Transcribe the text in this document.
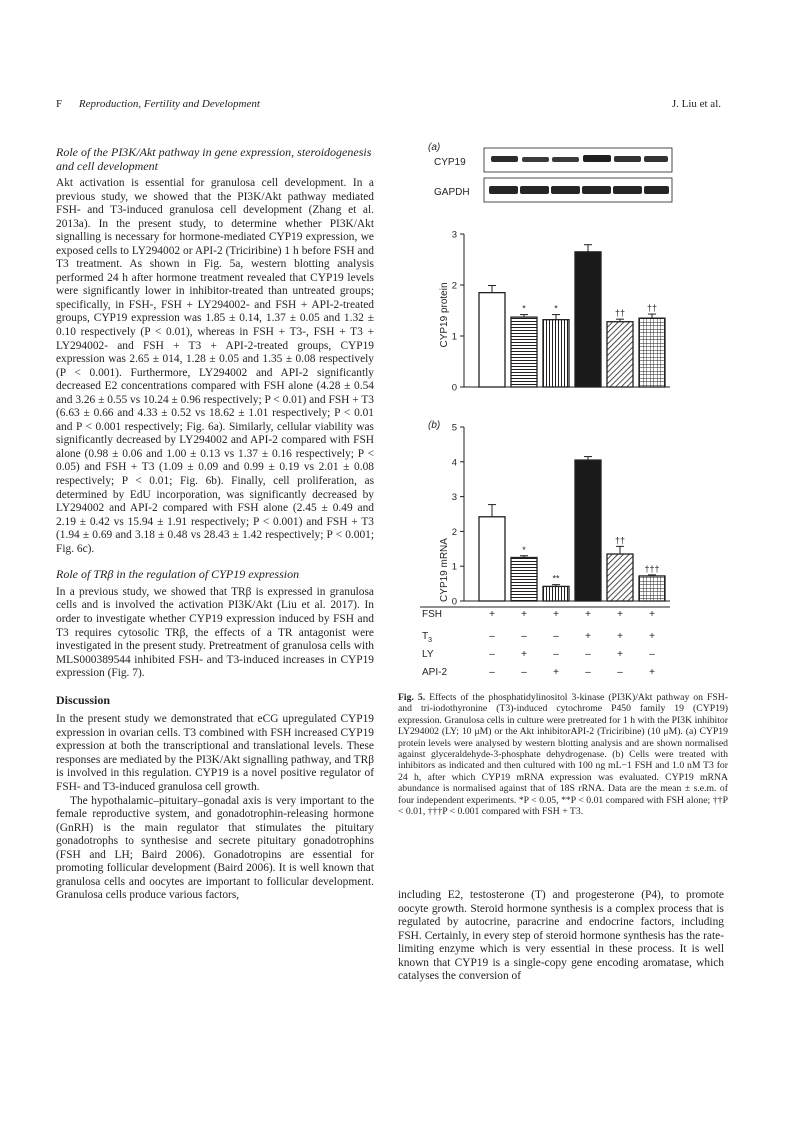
F Reproduction, Fertility and Development	J. Liu et al.

Role of the PI3K/Akt pathway in gene expression, steroidogenesis and cell development

Akt activation is essential for granulosa cell development. In a previous study, we showed that the PI3K/Akt pathway mediated FSH- and T3-induced granulosa cell development (Zhang et al. 2013a). In the present study, to determine whether PI3K/Akt signalling is necessary for hormone-mediated CYP19 expression, we exposed cells to LY294002 or API-2 (Triciribine) 1 h before FSH and T3 treatment. As shown in Fig. 5a, western blotting analysis performed 24 h after hormone treatment revealed that CYP19 levels were significantly lower in inhibitor-treated than untreated groups; specifically, in FSH-, FSH + LY294002- and FSH + API-2-treated groups, CYP19 expression was 1.85 ± 0.14, 1.37 ± 0.05 and 1.32 ± 0.10 respectively (P < 0.01), whereas in FSH + T3-, FSH + T3 + LY294002- and FSH + T3 + API-2-treated groups, CYP19 expression was 2.65 ± 014, 1.28 ± 0.05 and 1.35 ± 0.08 respectively (P < 0.001). Furthermore, LY294002 and API-2 significantly decreased E2 concentrations compared with FSH alone (4.28 ± 0.54 and 3.26 ± 0.55 vs 10.24 ± 0.96 respectively; P < 0.01) and FSH + T3 (6.63 ± 0.66 and 4.33 ± 0.52 vs 18.62 ± 1.01 respectively; P < 0.01 and P < 0.001 respectively; Fig. 6a). Similarly, cellular viability was significantly decreased by LY294002 and API-2 compared with FSH alone (0.98 ± 0.06 and 1.00 ± 0.13 vs 1.37 ± 0.16 respectively; P < 0.05) and FSH + T3 (1.09 ± 0.09 and 0.99 ± 0.19 vs 2.01 ± 0.08 respectively; P < 0.01; Fig. 6b). Finally, cell proliferation, as determined by EdU incorporation, was significantly decreased by LY294002 and API-2 compared with FSH alone (2.45 ± 0.49 and 2.19 ± 0.42 vs 15.94 ± 1.91 respectively; P < 0.001) and FSH + T3 (1.94 ± 0.69 and 3.18 ± 0.48 vs 28.43 ± 1.42 respectively; P < 0.001; Fig. 6c).

Role of TRβ in the regulation of CYP19 expression

In a previous study, we showed that TRβ is expressed in granulosa cells and is involved the activation PI3K/Akt (Liu et al. 2017). In order to investigate whether CYP19 expression induced by FSH and T3 requires cytosolic TRβ, the effects of a TR antagonist were investigated in the present study. Pretreatment of granulosa cells with MLS000389544 inhibited FSH- and T3-induced increases in CYP19 expression (Fig. 7).

Discussion

In the present study we demonstrated that eCG upregulated CYP19 expression in ovarian cells. T3 combined with FSH increased CYP19 expression at both the transcriptional and translational levels. These responses are mediated by the PI3K/Akt signalling pathway, and TRβ is involved in this regulation. CYP19 is a novel positive regulator of FSH- and T3-induced granulosa cell growth.

The hypothalamic–pituitary–gonadal axis is very important to the female reproductive system, and gonadotrophin-releasing hormone (GnRH) is the main regulator that stimulates the pituitary gonadotrophs to synthesise and secrete pituitary gonadotrophins (FSH and LH; Baird 2006). Gonadotropins are essential for promoting follicular development (Baird 2006). It is well known that granulosa cells and oocytes are important to follicular development. Granulosa cells produce various factors,	including E2, testosterone (T) and progesterone (P4), to promote oocyte growth. Steroid hormone synthesis is a complex process that is regulated by autocrine, paracrine and endocrine factors, including FSH. Certainly, in every step of steroid hormone synthesis has the rate-limiting enzyme which is very essential in these process. It is well known that CYP19 is a single-copy gene encoding aromatase, which catalyses the conversion of

(a)
CYP19
GAPDH
(b)
CYP19 protein
CYP19 mRNA
0
1
2
3
*	*	††
††
0
1
2
3
4
5
*
**
††
†††
FSH	+	+	+	+	+	+
$T_3$	–	–	–	+	+	+
LY	–	+	–	–	+	–
API-2	–	–	+	–	–	+
Fig. 5. Effects of the phosphatidylinositol 3-kinase (PI3K)/Akt pathway on FSH- and tri-iodothyronine (T3)-induced cytochrome P450 family 19 (CYP19) expression. Granulosa cells in culture were pretreated for 1 h with the PI3K inhibitor LY294002 (LY; 10 μM) or the Akt inhibitorAPI-2 (Triciribine) (10 μM). (a) CYP19 protein levels were analysed by western blotting analysis and are shown normalised against glyceraldehyde-3-phosphate dehydrogenase. (b) Cells were treated with inhibitors as indicated and then cultured with 100 ng mL−1 FSH and 1.0 nM T3 for 24 h, after which CYP19 mRNA expression was evaluated. CYP19 mRNA abundance is normalised against that of 18S rRNA. Data are the mean ± s.e.m. of four independent experiments. *P < 0.05, **P < 0.01 compared with FSH alone; ††P < 0.01, †††P < 0.001 compared with FSH + T3.
